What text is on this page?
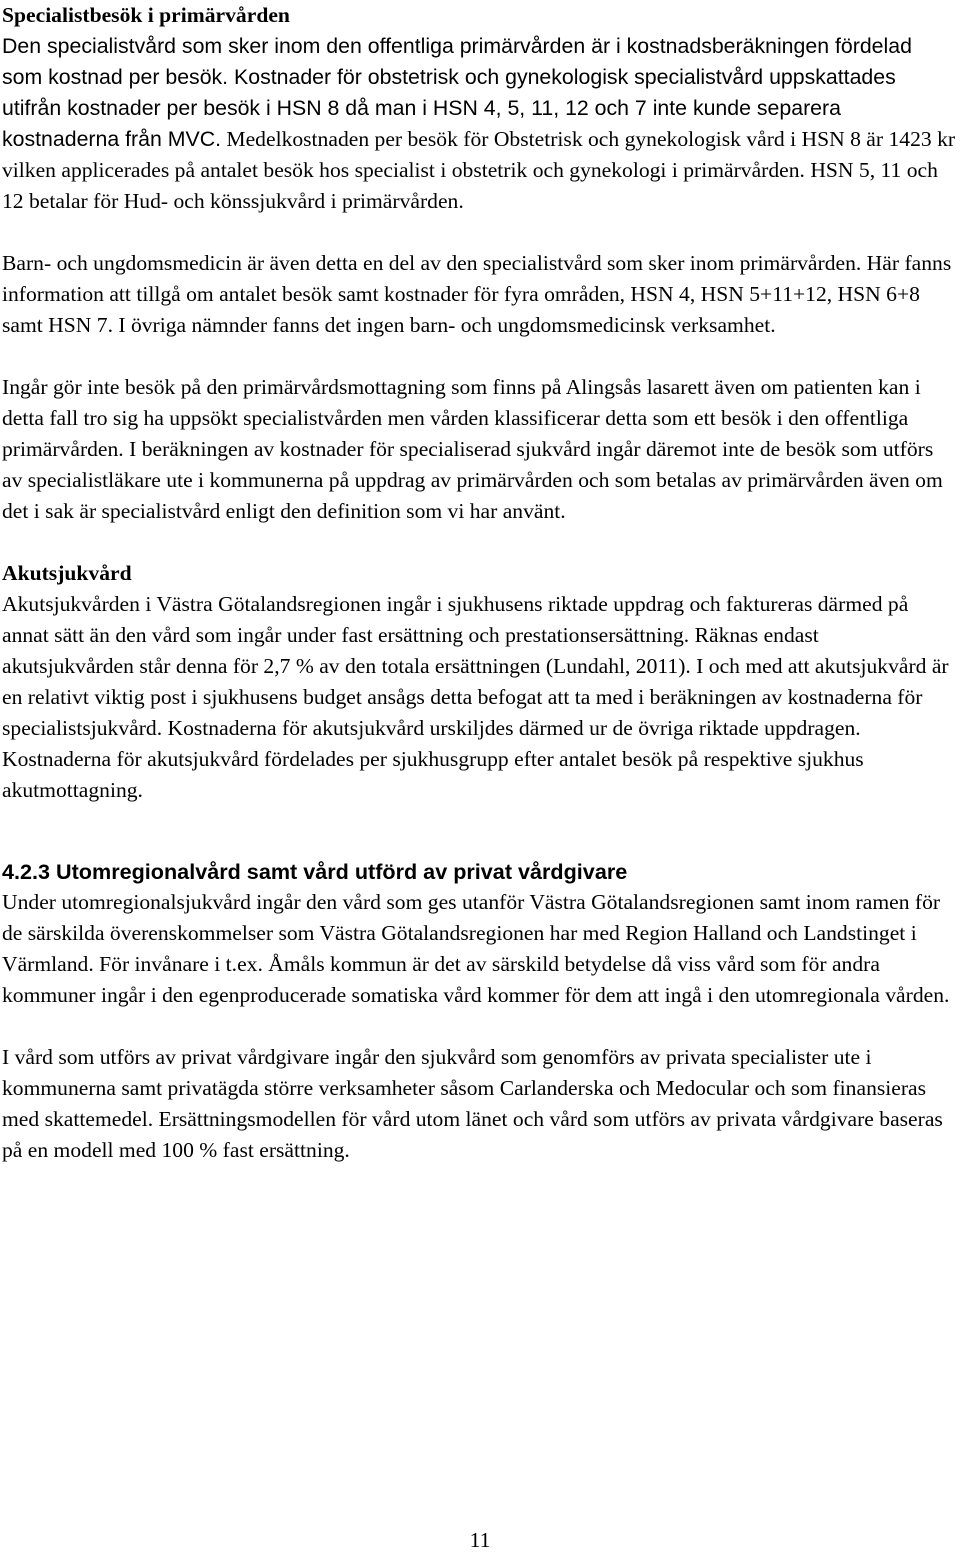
Specialistbesök i primärvården

Den specialistvård som sker inom den offentliga primärvården är i kostnadsberäkningen fördelad som kostnad per besök. Kostnader för obstetrisk och gynekologisk specialistvård uppskattades utifrån kostnader per besök i HSN 8 då man i HSN 4, 5, 11, 12 och 7 inte kunde separera kostnaderna från MVC. Medelkostnaden per besök för Obstetrisk och gynekologisk vård i HSN 8 är 1423 kr vilken applicerades på antalet besök hos specialist i obstetrik och gynekologi i primärvården. HSN 5, 11 och 12 betalar för Hud- och könssjukvård i primärvården.

Barn- och ungdomsmedicin är även detta en del av den specialistvård som sker inom primärvården. Här fanns information att tillgå om antalet besök samt kostnader för fyra områden, HSN 4, HSN 5+11+12, HSN 6+8 samt HSN 7. I övriga nämnder fanns det ingen barn- och ungdomsmedicinsk verksamhet.

Ingår gör inte besök på den primärvårdsmottagning som finns på Alingsås lasarett även om patienten kan i detta fall tro sig ha uppsökt specialistvården men vården klassificerar detta som ett besök i den offentliga primärvården. I beräkningen av kostnader för specialiserad sjukvård ingår däremot inte de besök som utförs av specialistläkare ute i kommunerna på uppdrag av primärvården och som betalas av primärvården även om det i sak är specialistvård enligt den definition som vi har använt.

Akutsjukvård

Akutsjukvården i Västra Götalandsregionen ingår i sjukhusens riktade uppdrag och faktureras därmed på annat sätt än den vård som ingår under fast ersättning och prestationsersättning. Räknas endast akutsjukvården står denna för 2,7 % av den totala ersättningen (Lundahl, 2011). I och med att akutsjukvård är en relativt viktig post i sjukhusens budget ansågs detta befogat att ta med i beräkningen av kostnaderna för specialistsjukvård. Kostnaderna för akutsjukvård urskiljdes därmed ur de övriga riktade uppdragen. Kostnaderna för akutsjukvård fördelades per sjukhusgrupp efter antalet besök på respektive sjukhus akutmottagning.

4.2.3 Utomregionalvård samt vård utförd av privat vårdgivare

Under utomregionalsjukvård ingår den vård som ges utanför Västra Götalandsregionen samt inom ramen för de särskilda överenskommelser som Västra Götalandsregionen har med Region Halland och Landstinget i Värmland. För invånare i t.ex. Åmåls kommun är det av särskild betydelse då viss vård som för andra kommuner ingår i den egenproducerade somatiska vård kommer för dem att ingå i den utomregionala vården.

I vård som utförs av privat vårdgivare ingår den sjukvård som genomförs av privata specialister ute i kommunerna samt privatägda större verksamheter såsom Carlanderska och Medocular och som finansieras med skattemedel. Ersättningsmodellen för vård utom länet och vård som utförs av privata vårdgivare baseras på en modell med 100 % fast ersättning.

11
